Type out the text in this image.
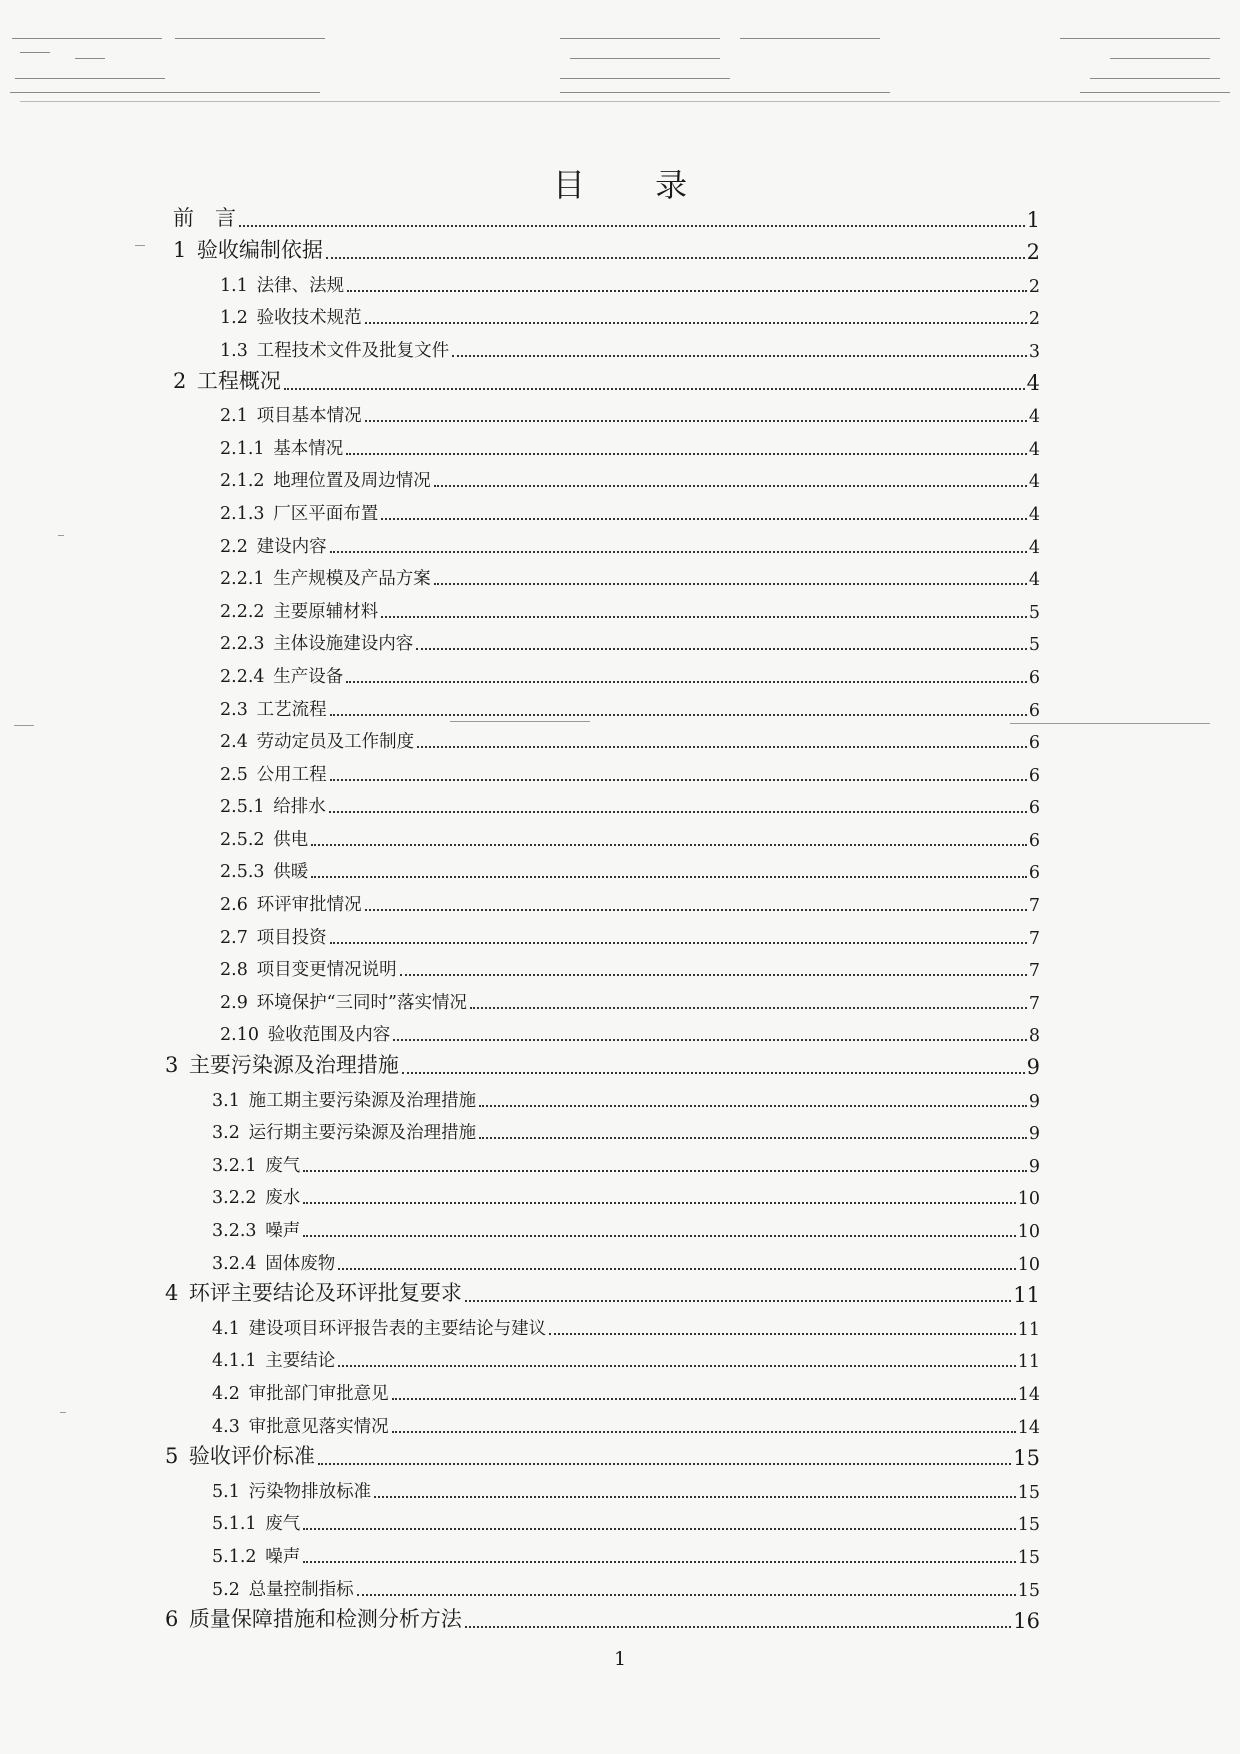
目 录
前　言	1
1 验收编制依据	2
1.1 法律、法规	2
1.2 验收技术规范	2
1.3 工程技术文件及批复文件	3
2 工程概况	4
2.1 项目基本情况	4
2.1.1 基本情况	4
2.1.2 地理位置及周边情况	4
2.1.3 厂区平面布置	4
2.2 建设内容	4
2.2.1 生产规模及产品方案	4
2.2.2 主要原辅材料	5
2.2.3 主体设施建设内容	5
2.2.4 生产设备	6
2.3 工艺流程	6
2.4 劳动定员及工作制度	6
2.5 公用工程	6
2.5.1 给排水	6
2.5.2 供电	6
2.5.3 供暖	6
2.6 环评审批情况	7
2.7 项目投资	7
2.8 项目变更情况说明	7
2.9 环境保护“三同时”落实情况	7
2.10 验收范围及内容	8
3 主要污染源及治理措施	9
3.1 施工期主要污染源及治理措施	9
3.2 运行期主要污染源及治理措施	9
3.2.1 废气	9
3.2.2 废水	10
3.2.3 噪声	10
3.2.4 固体废物	10
4 环评主要结论及环评批复要求	11
4.1 建设项目环评报告表的主要结论与建议	11
4.1.1 主要结论	11
4.2 审批部门审批意见	14
4.3 审批意见落实情况	14
5 验收评价标准	15
5.1 污染物排放标准	15
5.1.1 废气	15
5.1.2 噪声	15
5.2 总量控制指标	15
6 质量保障措施和检测分析方法	16
1
